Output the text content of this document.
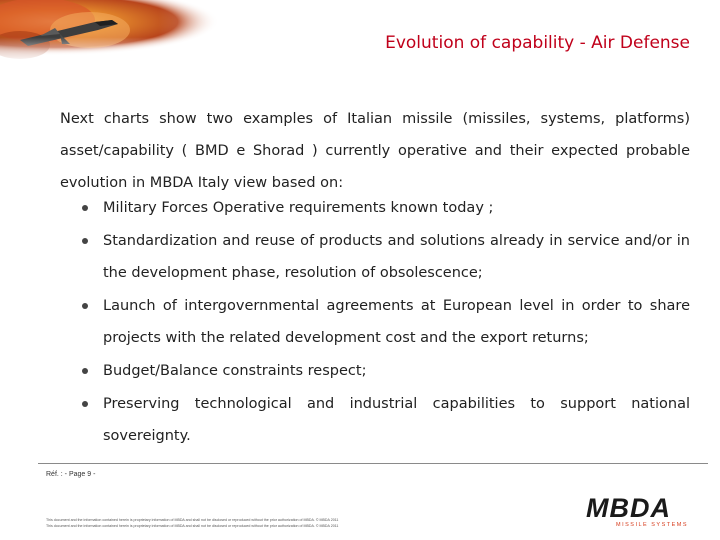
Evolution of capability - Air Defense
Next charts show two examples of Italian missile (missiles, systems, platforms) asset/capability ( BMD e Shorad ) currently operative and their expected probable evolution in MBDA Italy view based on:
Military Forces Operative requirements known today ;
Standardization and reuse of products and solutions already in service and/or in the development phase, resolution of obsolescence;
Launch of intergovernmental agreements at European level in order to share projects with the related development cost and the export returns;
Budget/Balance constraints respect;
Preserving technological and industrial capabilities to support national sovereignty.
Réf. : - Page 9 -
This document and the information contained herein is proprietary information of MBDA and shall not be disclosed or reproduced without the prior authorization of MBDA. © MBDA 2011
This document and the information contained herein is proprietary information of MBDA and shall not be disclosed or reproduced without the prior authorization of MBDA. © MBDA 2011
MBDA
MISSILE SYSTEMS
